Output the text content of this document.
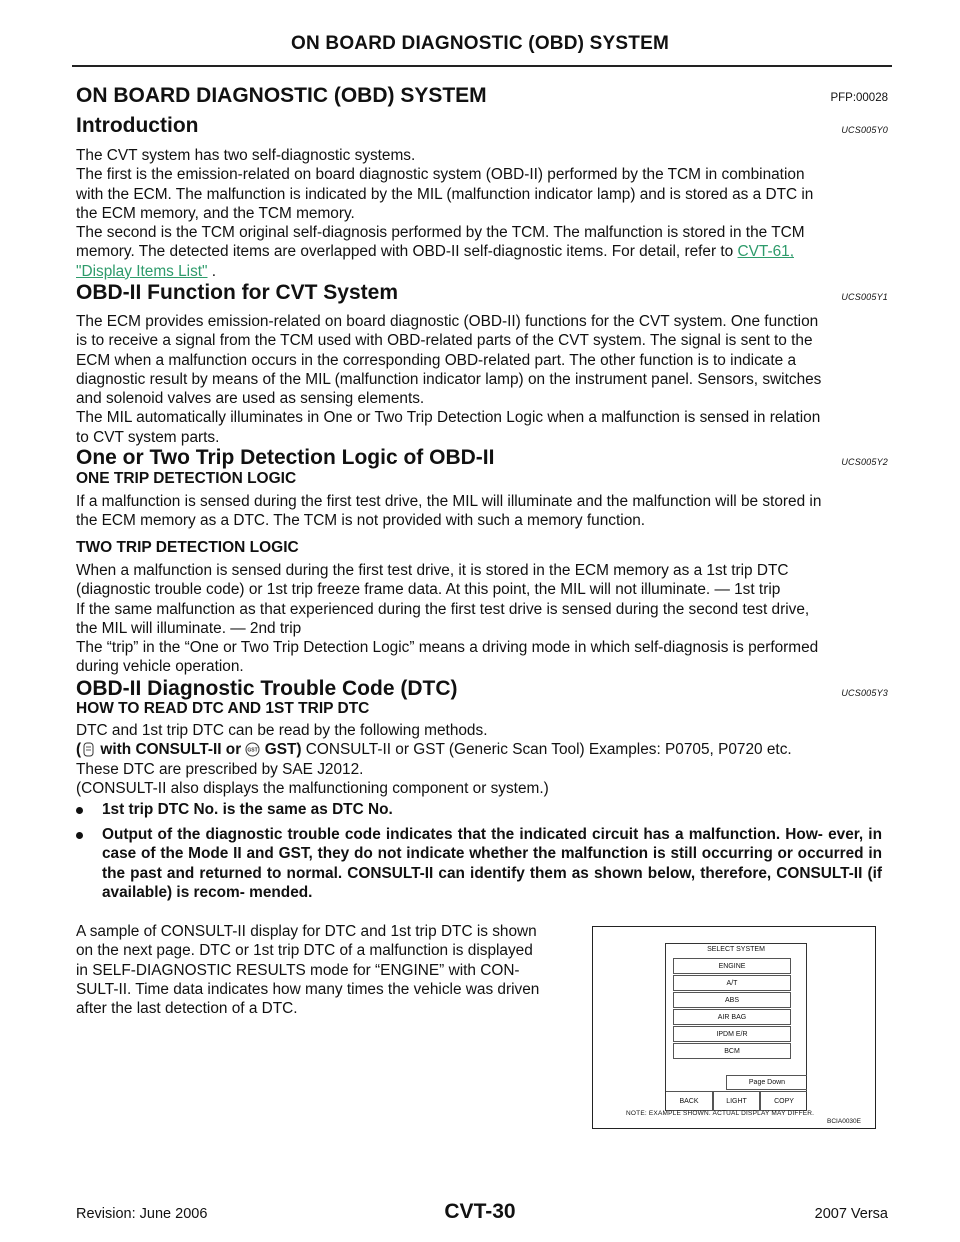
ON BOARD DIAGNOSTIC (OBD) SYSTEM
ON BOARD DIAGNOSTIC (OBD) SYSTEM	PFP:00028
Introduction	UCS005Y0
The CVT system has two self-diagnostic systems.
The first is the emission-related on board diagnostic system (OBD-II) performed by the TCM in combination
with the ECM. The malfunction is indicated by the MIL (malfunction indicator lamp) and is stored as a DTC in
the ECM memory, and the TCM memory.
The second is the TCM original self-diagnosis performed by the TCM. The malfunction is stored in the TCM
memory. The detected items are overlapped with OBD-II self-diagnostic items. For detail, refer to CVT-61,
"Display Items List" .
OBD-II Function for CVT System	UCS005Y1
The ECM provides emission-related on board diagnostic (OBD-II) functions for the CVT system. One function
is to receive a signal from the TCM used with OBD-related parts of the CVT system. The signal is sent to the
ECM when a malfunction occurs in the corresponding OBD-related part. The other function is to indicate a
diagnostic result by means of the MIL (malfunction indicator lamp) on the instrument panel. Sensors, switches
and solenoid valves are used as sensing elements.
The MIL automatically illuminates in One or Two Trip Detection Logic when a malfunction is sensed in relation
to CVT system parts.
One or Two Trip Detection Logic of OBD-II	UCS005Y2
ONE TRIP DETECTION LOGIC
If a malfunction is sensed during the first test drive, the MIL will illuminate and the malfunction will be stored in
the ECM memory as a DTC. The TCM is not provided with such a memory function.
TWO TRIP DETECTION LOGIC
When a malfunction is sensed during the first test drive, it is stored in the ECM memory as a 1st trip DTC
(diagnostic trouble code) or 1st trip freeze frame data. At this point, the MIL will not illuminate. — 1st trip
If the same malfunction as that experienced during the first test drive is sensed during the second test drive,
the MIL will illuminate. — 2nd trip
The “trip” in the “One or Two Trip Detection Logic” means a driving mode in which self-diagnosis is performed
during vehicle operation.
OBD-II Diagnostic Trouble Code (DTC)	UCS005Y3
HOW TO READ DTC AND 1ST TRIP DTC
DTC and 1st trip DTC can be read by the following methods.
( with CONSULT-II or GST GST) CONSULT-II or GST (Generic Scan Tool) Examples: P0705, P0720 etc.
These DTC are prescribed by SAE J2012.
(CONSULT-II also displays the malfunctioning component or system.)
1st trip DTC No. is the same as DTC No.
Output of the diagnostic trouble code indicates that the indicated circuit has a malfunction. How- ever, in case of the Mode II and GST, they do not indicate whether the malfunction is still occurring or occurred in the past and returned to normal. CONSULT-II can identify them as shown below, therefore, CONSULT-II (if available) is recom- mended.
A sample of CONSULT-II display for DTC and 1st trip DTC is shown
on the next page. DTC or 1st trip DTC of a malfunction is displayed
in SELF-DIAGNOSTIC RESULTS mode for “ENGINE” with CON-
SULT-II. Time data indicates how many times the vehicle was driven
after the last detection of a DTC.
SELECT SYSTEM
ENGINE
A/T
ABS
AIR BAG
IPDM E/R
BCM
Page Down
BACK	LIGHT	COPY
NOTE: EXAMPLE SHOWN. ACTUAL DISPLAY MAY DIFFER.
BCIA0030E
Revision: June 2006	CVT-30	2007 Versa
